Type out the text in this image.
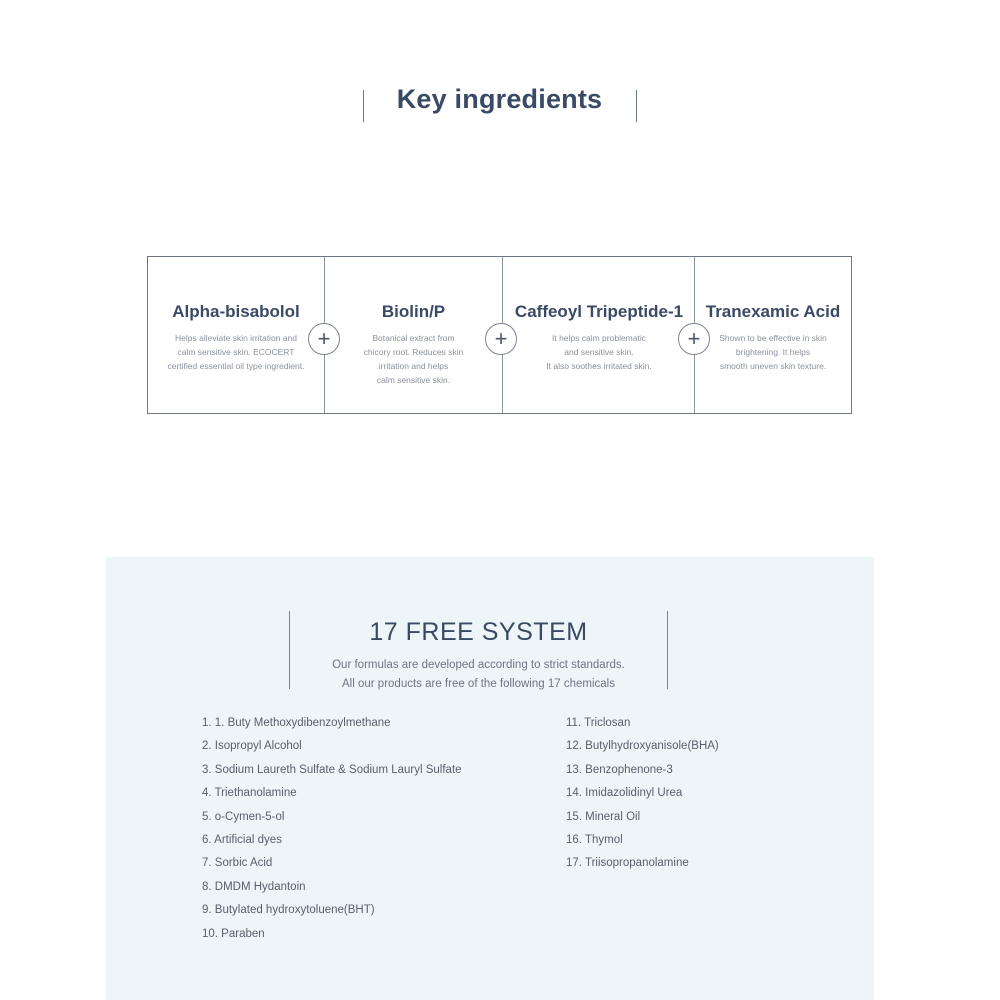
Key ingredients
Alpha-bisabolol
Helps alleviate skin irritation and
calm sensitive skin. ECOCERT
certified essential oil type ingredient.
Biolin/P
Botanical extract from
chicory root. Reduces skin
irritation and helps
calm sensitive skin.
Caffeoyl Tripeptide-1
It helps calm problematic
and sensitive skin.
It also soothes irritated skin.
Tranexamic Acid
Shown to be effective in skin
brightening. It helps
smooth uneven skin texture.
+	+	+
17 FREE SYSTEM
Our formulas are developed according to strict standards.
All our products are free of the following 17 chemicals
1. 1. Buty Methoxydibenzoylmethane
2. Isopropyl Alcohol
3. Sodium Laureth Sulfate & Sodium Lauryl Sulfate
4. Triethanolamine
5. o-Cymen-5-ol
6. Artificial dyes
7. Sorbic Acid
8. DMDM Hydantoin
9. Butylated hydroxytoluene(BHT)
10. Paraben
11. Triclosan
12. Butylhydroxyanisole(BHA)
13. Benzophenone-3
14. Imidazolidinyl Urea
15. Mineral Oil
16. Thymol
17. Triisopropanolamine
